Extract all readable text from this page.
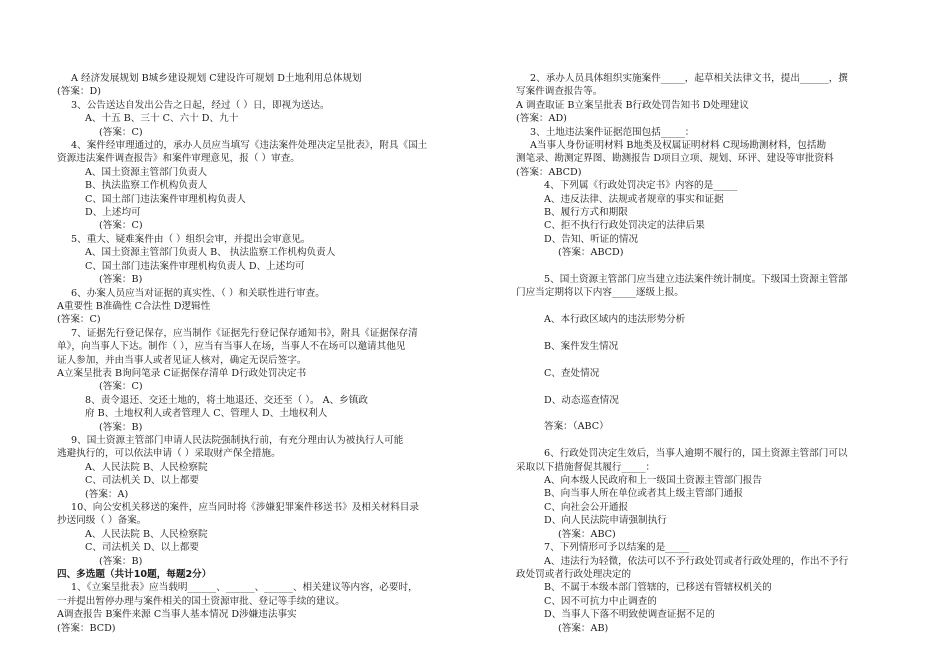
A 经济发展规划 B城乡建设规划 C建设许可规划 D土地利用总体规划
(答案：D)
3、公告送达自发出公告之日起，经过（ ）日，即视为送达。
A、十五 B、三十 C、六十 D、九十
(答案：C)
4、案件经审理通过的，承办人员应当填写《违法案件处理决定呈批表》，附具《国土
资源违法案件调查报告》和案件审理意见，报（ ）审查。
A、国土资源主管部门负责人
B、执法监察工作机构负责人
C、国土部门违法案件审理机构负责人
D、上述均可
(答案：C)
5、重大、疑难案件由（ ）组织会审，并提出会审意见。
A、国土资源主管部门负责人 B、 执法监察工作机构负责人
C、国土部门违法案件审理机构负责人 D、上述均可
(答案：B)
6、办案人员应当对证据的真实性、（ ）和关联性进行审查。
A重要性 B准确性 C合法性 D逻辑性
(答案：C)
7、证据先行登记保存，应当制作《证据先行登记保存通知书》，附具《证据保存清
单》，向当事人下达。制作（ ），应当有当事人在场，当事人不在场可以邀请其他见
证人参加，并由当事人或者见证人核对，确定无误后签字。
A立案呈批表 B询问笔录 C证据保存清单 D行政处罚决定书
(答案：C)
8、责令退还、交还土地的，将土地退还、交还至（ ）。 A、乡镇政
府 B、土地权利人或者管理人 C、管理人 D、土地权利人
(答案：B)
9、国土资源主管部门申请人民法院强制执行前，有充分理由认为被执行人可能
逃避执行的，可以依法申请（ ）采取财产保全措施。
A、人民法院 B、人民检察院
C、司法机关 D、以上都要
(答案：A)
10、向公安机关移送的案件，应当同时将《涉嫌犯罪案件移送书》及相关材料目录
抄送同级（ ）备案。
A、人民法院 B、人民检察院
C、司法机关 D、以上都要
(答案：B)
四、多选题（共计10题，每题2分）
1、《立案呈批表》应当载明______、______、______、相关建议等内容，必要时，
一并提出暂停办理与案件相关的国土资源审批、登记等手续的建议。
A调查报告 B案件来源 C当事人基本情况 D涉嫌违法事实
(答案：BCD)
2、承办人员具体组织实施案件_____，起草相关法律文书，提出______，撰
写案件调查报告等。
A 调查取证 B立案呈批表 B行政处罚告知书 D处理建议
(答案：AD)
3、土地违法案件证据范围包括_____：
A当事人身份证明材料 B地类及权属证明材料 C现场勘测材料，包括勘
测笔录、勘测定界图、勘测报告 D项目立项、规划、环评、建设等审批资料
(答案：ABCD)
4、下列属《行政处罚决定书》内容的是_____
A、违反法律、法规或者规章的事实和证据
B、履行方式和期限
C、拒不执行行政处罚决定的法律后果
D、告知、听证的情况
(答案：ABCD)
5、国土资源主管部门应当建立违法案件统计制度。下级国土资源主管部
门应当定期将以下内容_____逐级上报。
A、本行政区域内的违法形势分析
B、案件发生情况
C、查处情况
D、动态巡查情况
答案：（ABC）
6、行政处罚决定生效后，当事人逾期不履行的，国土资源主管部门可以
采取以下措施督促其履行_____：
A、向本级人民政府和上一级国土资源主管部门报告
B、向当事人所在单位或者其上级主管部门通报
C、向社会公开通报
D、向人民法院申请强制执行
(答案：ABC)
7、下列情形可予以结案的是_____
A、违法行为轻微，依法可以不予行政处罚或者行政处理的，作出不予行
政处罚或者行政处理决定的
B、不属于本级本部门管辖的，已移送有管辖权机关的
C、因不可抗力中止调查的
D、当事人下落不明致使调查证据不足的
(答案：AB)
